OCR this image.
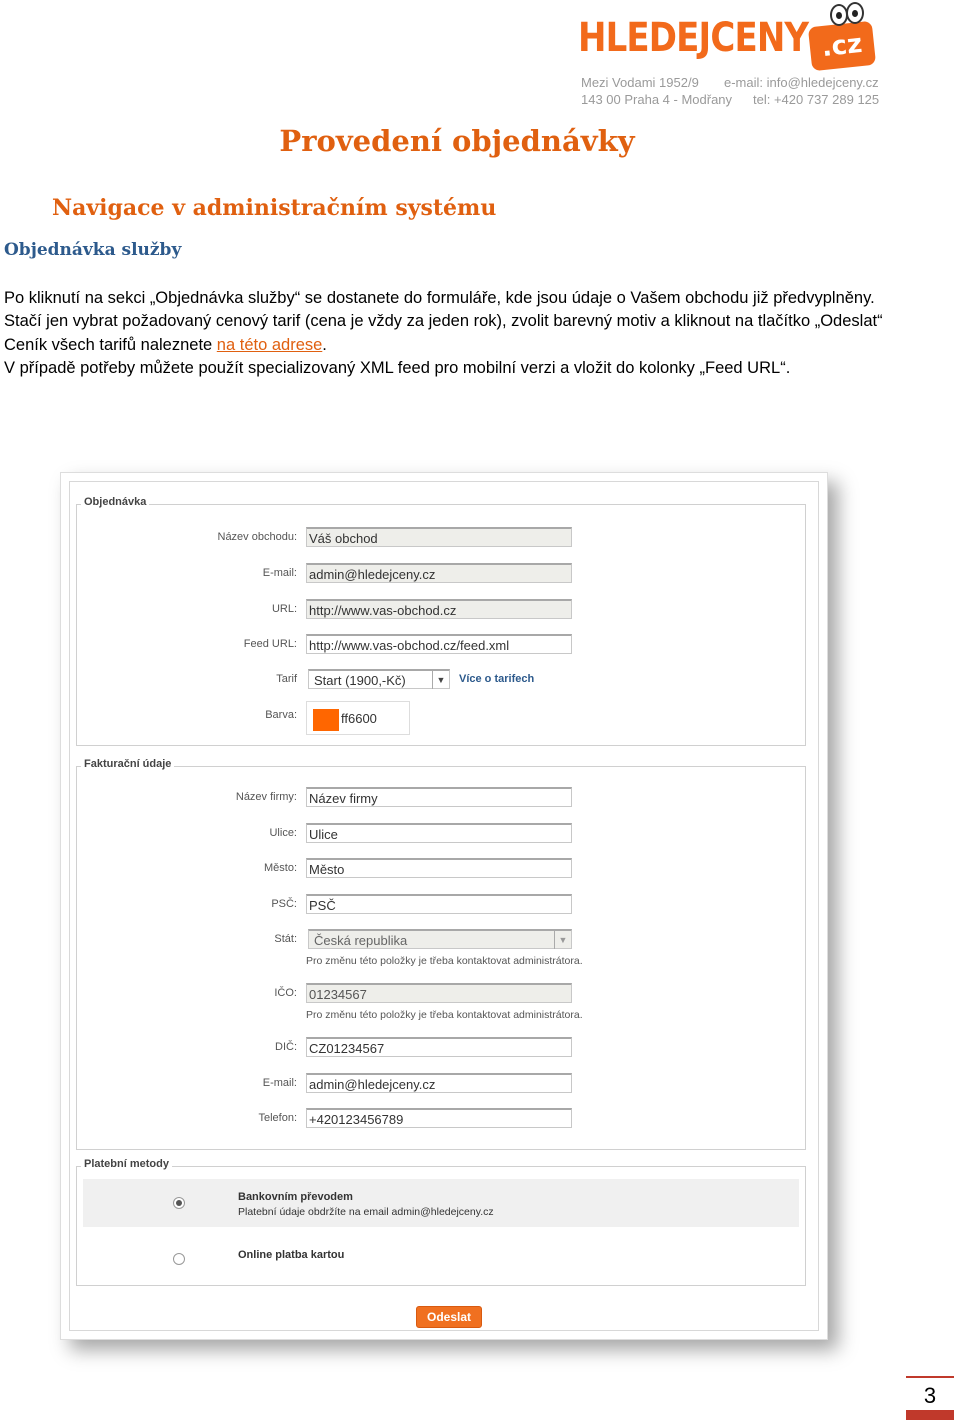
HLEDEJCENY .cz
Mezi Vodami 1952/9
143 00 Praha 4 - Modřany
e-mail: info@hledejceny.cz
tel: +420 737 289 125
Provedení objednávky
Navigace v administračním systému
Objednávka služby

Po kliknutí na sekci „Objednávka služby“ se dostanete do formuláře, kde jsou údaje o Vašem obchodu již předvyplněny.

Stačí jen vybrat požadovaný cenový tarif (cena je vždy za jeden rok), zvolit barevný motiv a kliknout na tlačítko „Odeslat“

Ceník všech tarifů naleznete na této adrese.

V případě potřeby můžete použít specializovaný XML feed pro mobilní verzi a vložit do kolonky „Feed URL“.

Objednávka
Název obchodu: Váš obchod
E-mail: admin@hledejceny.cz
URL: http://www.vas-obchod.cz
Feed URL: http://www.vas-obchod.cz/feed.xml
Tarif	Start (1900,-Kč)	▼	Více o tarifech
Barva:	ff6600
Fakturační údaje
Název firmy: Název firmy
Ulice: Ulice
Město: Město
PSČ: PSČ
Stát:	Česká republika	▼
Pro změnu této položky je třeba kontaktovat administrátora.
IČO: 01234567
Pro změnu této položky je třeba kontaktovat administrátora.
DIČ: CZ01234567
E-mail: admin@hledejceny.cz
Telefon: +420123456789
Platební metody
Bankovním převodem
Platební údaje obdržíte na email admin@hledejceny.cz
Online platba kartou
Odeslat
3
